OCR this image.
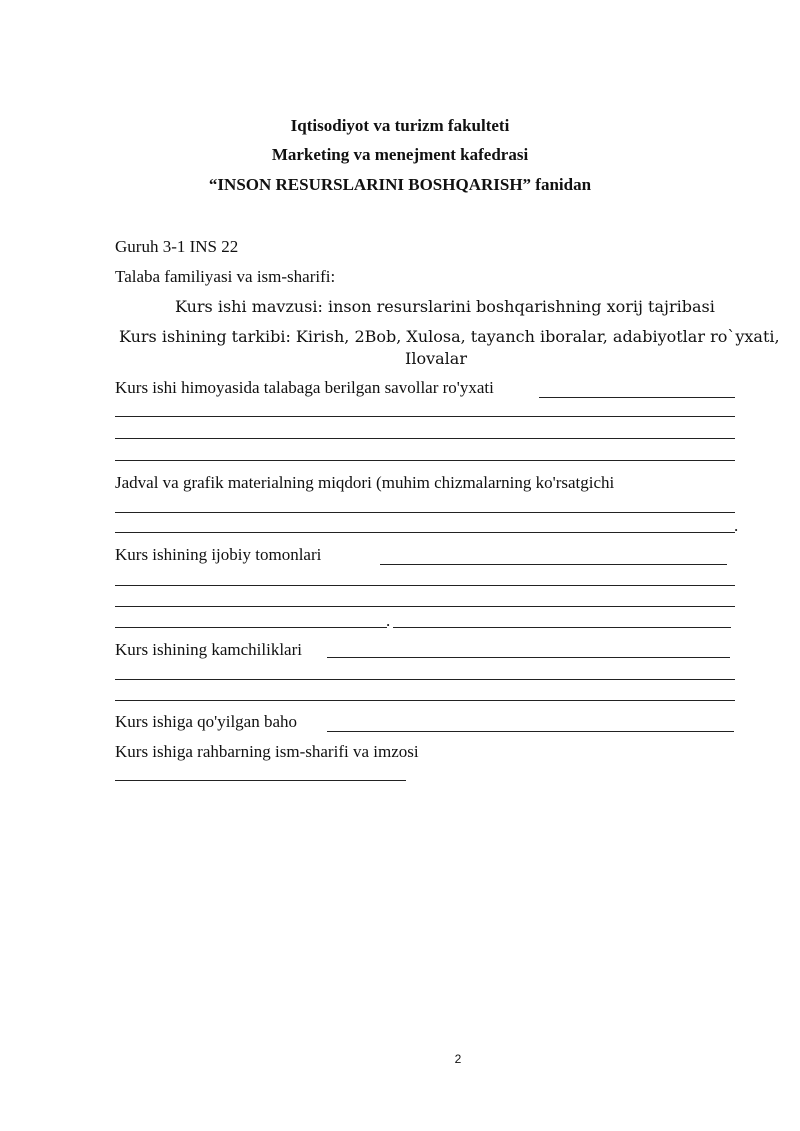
Iqtisodiyot va turizm fakulteti
Marketing va menejment kafedrasi
“INSON RESURSLARINI BOSHQARISH” fanidan
Guruh 3-1 INS 22
Talaba familiyasi va ism-sharifi:
Kurs ishi mavzusi: inson resurslarini boshqarishning xorij tajribasi
Kurs ishining tarkibi: Kirish, 2Bob, Xulosa, tayanch iboralar, adabiyotlar ro`yxati,
Ilovalar
Kurs ishi himoyasida talabaga berilgan savollar ro'yxati
Jadval va grafik materialning miqdori (muhim chizmalarning ko'rsatgichi
.
Kurs ishining ijobiy tomonlari
.
Kurs ishining kamchiliklari
Kurs ishiga qo'yilgan baho
Kurs ishiga rahbarning ism-sharifi va imzosi
2
